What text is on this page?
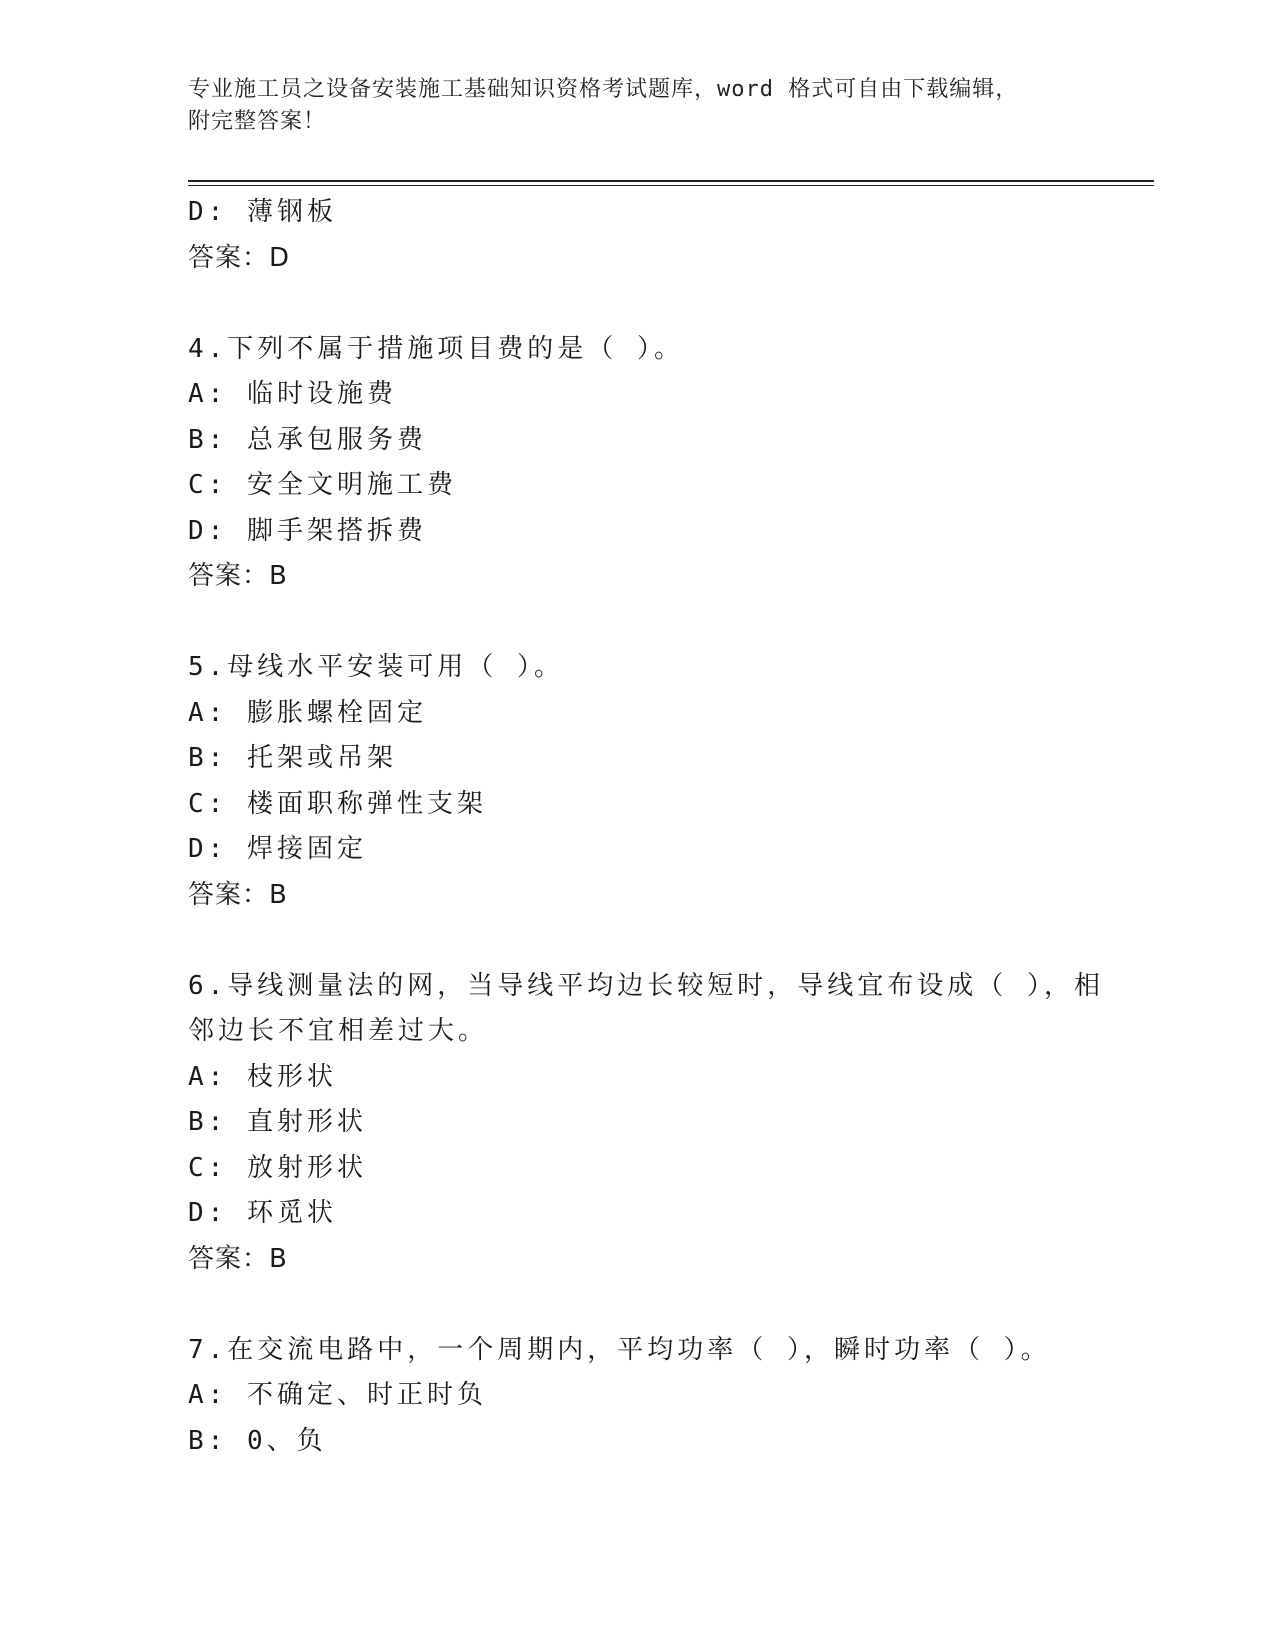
专业施工员之设备安装施工基础知识资格考试题库，word 格式可自由下载编辑，
附完整答案！
D: 薄钢板
答案：D
4.下列不属于措施项目费的是（ ）。
A: 临时设施费
B: 总承包服务费
C: 安全文明施工费
D: 脚手架搭拆费
答案：B
5.母线水平安装可用（ ）。
A: 膨胀螺栓固定
B: 托架或吊架
C: 楼面职称弹性支架
D: 焊接固定
答案：B
6.导线测量法的网，当导线平均边长较短时，导线宜布设成（ ），相
邻边长不宜相差过大。
A: 枝形状
B: 直射形状
C: 放射形状
D: 环觅状
答案：B
7.在交流电路中，一个周期内，平均功率（ ），瞬时功率（ ）。
A: 不确定、时正时负
B: 0、负
